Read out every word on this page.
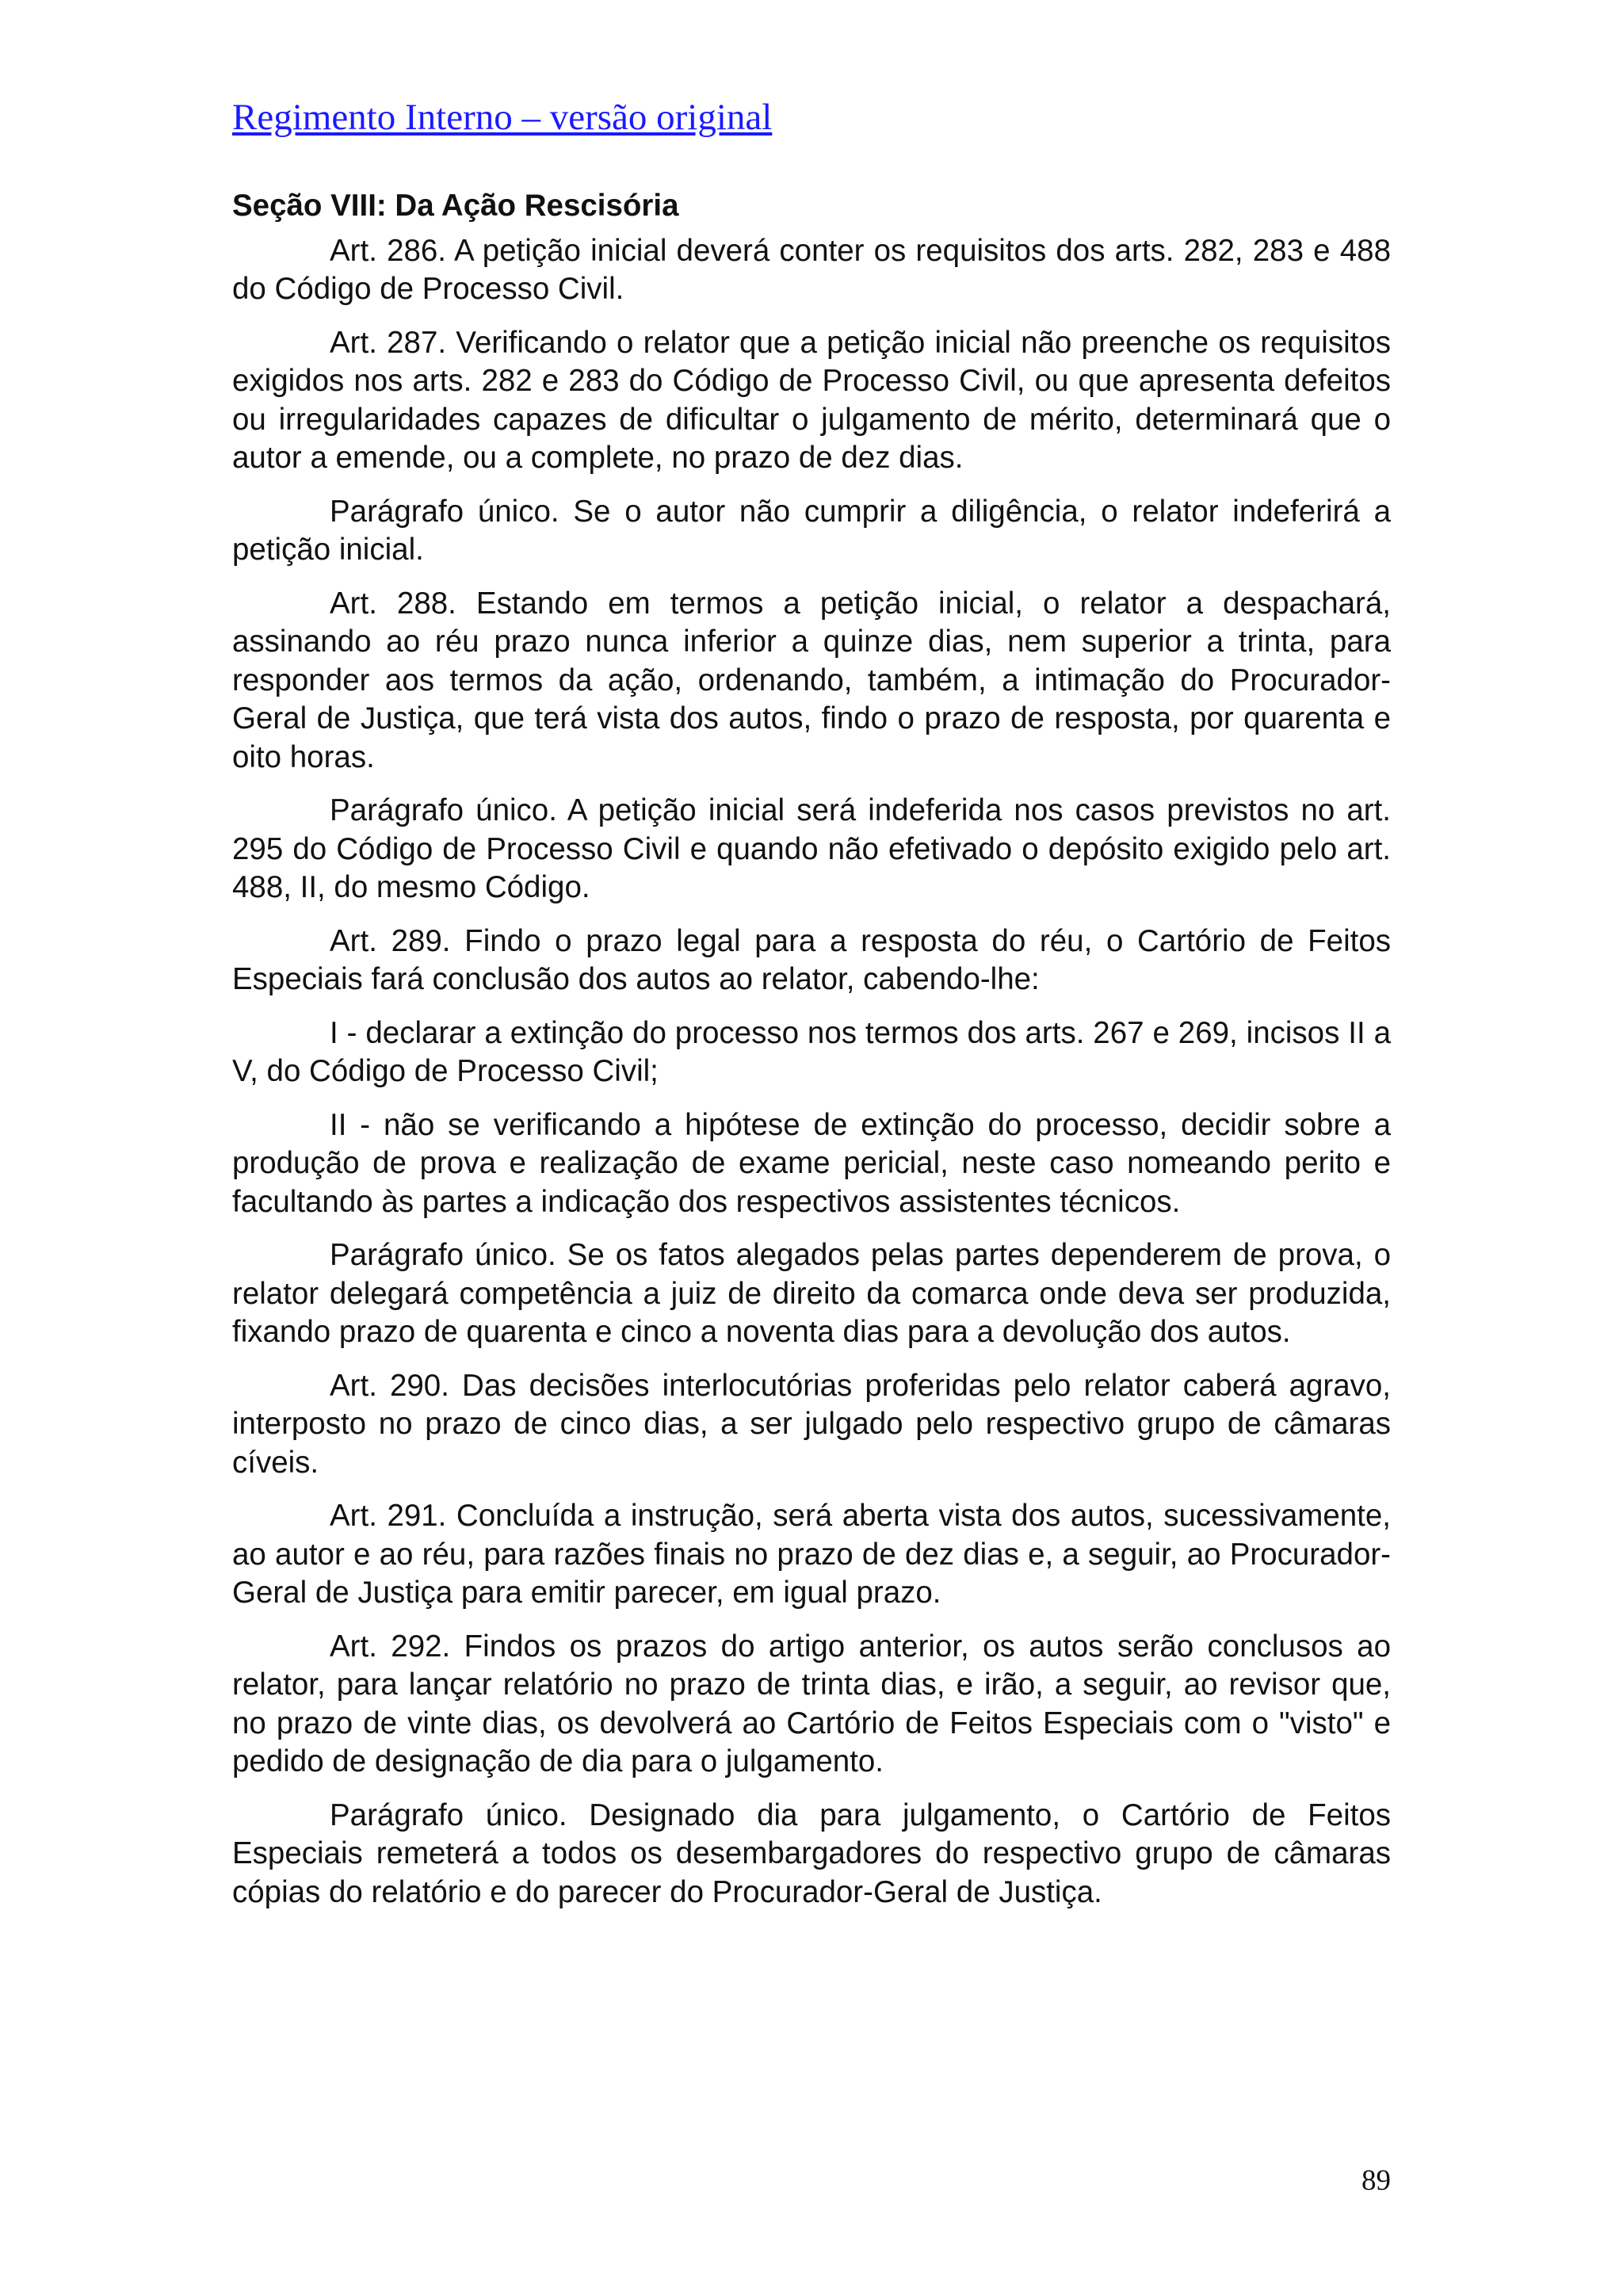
Regimento Interno – versão original
Seção VIII: Da Ação Rescisória

Art. 286. A petição inicial deverá conter os requisitos dos arts. 282, 283 e 488 do Código de Processo Civil.

Art. 287. Verificando o relator que a petição inicial não preenche os requisitos exigidos nos arts. 282 e 283 do Código de Processo Civil, ou que apresenta defeitos ou irregularidades capazes de dificultar o julgamento de mérito, determinará que o autor a emende, ou a complete, no prazo de dez dias.

Parágrafo único. Se o autor não cumprir a diligência, o relator indeferirá a petição inicial.

Art. 288. Estando em termos a petição inicial, o relator a despachará, assinando ao réu prazo nunca inferior a quinze dias, nem superior a trinta, para responder aos termos da ação, ordenando, também, a intimação do Procurador-Geral de Justiça, que terá vista dos autos, findo o prazo de resposta, por quarenta e oito horas.

Parágrafo único. A petição inicial será indeferida nos casos previstos no art. 295 do Código de Processo Civil e quando não efetivado o depósito exigido pelo art. 488, II, do mesmo Código.

Art. 289. Findo o prazo legal para a resposta do réu, o Cartório de Feitos Especiais fará conclusão dos autos ao relator, cabendo-lhe:

I - declarar a extinção do processo nos termos dos arts. 267 e 269, incisos II a V, do Código de Processo Civil;

II - não se verificando a hipótese de extinção do processo, decidir sobre a produção de prova e realização de exame pericial, neste caso nomeando perito e facultando às partes a indicação dos respectivos assistentes técnicos.

Parágrafo único. Se os fatos alegados pelas partes dependerem de prova, o relator delegará competência a juiz de direito da comarca onde deva ser produzida, fixando prazo de quarenta e cinco a noventa dias para a devolução dos autos.

Art. 290. Das decisões interlocutórias proferidas pelo relator caberá agravo, interposto no prazo de cinco dias, a ser julgado pelo respectivo grupo de câmaras cíveis.

Art. 291. Concluída a instrução, será aberta vista dos autos, sucessivamente, ao autor e ao réu, para razões finais no prazo de dez dias e, a seguir, ao Procurador-Geral de Justiça para emitir parecer, em igual prazo.

Art. 292. Findos os prazos do artigo anterior, os autos serão conclusos ao relator, para lançar relatório no prazo de trinta dias, e irão, a seguir, ao revisor que, no prazo de vinte dias, os devolverá ao Cartório de Feitos Especiais com o "visto" e pedido de designação de dia para o julgamento.

Parágrafo único. Designado dia para julgamento, o Cartório de Feitos Especiais remeterá a todos os desembargadores do respectivo grupo de câmaras cópias do relatório e do parecer do Procurador-Geral de Justiça.

89
